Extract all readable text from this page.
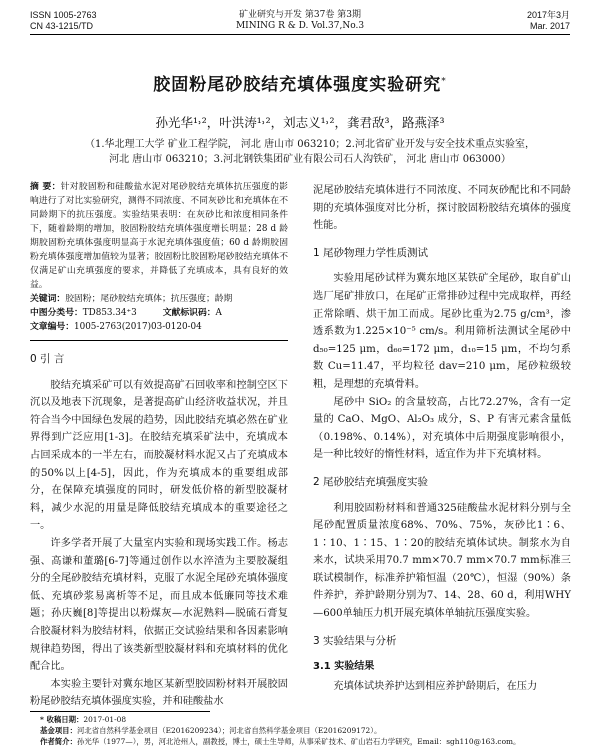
ISSN 1005-2763
CN 43-1215/TD
矿业研究与开发 第37卷 第3期
MINING R & D. Vol.37,No.3
2017年3月
Mar. 2017
胶固粉尾砂胶结充填体强度实验研究*
孙光华¹˒²，叶洪涛¹˒²，刘志义¹˒²，龚君敌³，路燕泽³
（1.华北理工大学 矿业工程学院， 河北 唐山市 063210；2.河北省矿业开发与安全技术重点实验室，
河北 唐山市 063210；3.河北钢铁集团矿业有限公司石人沟铁矿， 河北 唐山市 063000）
摘 要：针对胶固粉和硅酸盐水泥对尾砂胶结充填体抗压强度的影响进行了对比实验研究，测得不同浓度、不同灰砂比和充填体在不同龄期下的抗压强度。实验结果表明：在灰砂比和浓度相同条件下，随着龄期的增加，胶固粉胶结充填体强度增长明显；28 d 龄期胶固粉充填体强度明显高于水泥充填体强度值；60 d 龄期胶固粉充填体强度增加值较为显著；胶固粉比胶固粉尾砂胶结充填体不仅满足矿山充填强度的要求，并降低了充填成本，具有良好的效益。
关键词：胶固粉；尾砂胶结充填体；抗压强度；龄期
中图分类号：TD853.34⁺3	文献标识码：A
文章编号：1005-2763(2017)03-0120-04
0 引 言

胶结充填采矿可以有效提高矿石回收率和控制空区下沉以及地表下沉现象，是著提高矿山经济收益状况，并且符合当今中国绿色发展的趋势，因此胶结充填必然在矿业界得到广泛应用[1-3]。在胶结充填采矿法中，充填成本占回采成本的一半左右，而胶凝材料水泥又占了充填成本的50%以上[4-5]，因此，作为充填成本的重要组成部分，在保障充填强度的同时，研发低价格的新型胶凝材料，减少水泥的用量是降低胶结充填成本的重要途径之一。

许多学者开展了大量室内实验和现场实践工作。杨志强、高谦和董璐[6-7]等通过创作以水淬渣为主要胶凝组分的全尾砂胶结充填材料，克服了水泥全尾砂充填体强度低、充填砂浆易离析等不足，而且成本低廉同等技术难题；孙庆巍[8]等提出以粉煤灰—水泥熟料—脱硫石膏复合胶凝材料为胶结材料，依据正交试验结果和各因素影响规律趋势图，得出了该类新型胶凝材料和充填材料的优化配合比。

本实验主要针对冀东地区某新型胶固粉材料开展胶固粉尾砂胶结充填体强度实验，并和硅酸盐水

泥尾砂胶结充填体进行不同浓度、不同灰砂配比和不同龄期的充填体强度对比分析，探讨胶固粉胶结充填体的强度性能。

1 尾砂物理力学性质测试

实验用尾砂试样为冀东地区某铁矿全尾砂，取自矿山选厂尾矿排放口，在尾矿正常排砂过程中完成取样，再经正常除晒、烘干加工而成。尾砂比重为2.75 g/cm³，渗透系数为1.225×10⁻⁵ cm/s。利用筛析法测试全尾砂中 d₅₀=125 μm，d₆₀=172 μm，d₁₀=15 μm，不均匀系数 Cu=11.47，平均粒径 dav=210 μm，尾砂粒级较粗，是理想的充填骨料。

尾砂中 SiO₂ 的含量较高，占比72.27%，含有一定量的 CaO、MgO、Al₂O₃ 成分，S、P 有害元素含量低（0.198%、0.14%），对充填体中后期强度影响很小，是一种比较好的惰性材料，适宜作为井下充填材料。

2 尾砂胶结充填强度实验

利用胶固粉材料和普通325硅酸盐水泥材料分别与全尾砂配置质量浓度68%、70%、75%，灰砂比1∶6、1∶10、1∶15、1∶20的胶结充填体试块。制浆水为自来水，试块采用70.7 mm×70.7 mm×70.7 mm标准三联试模制作，标准养护箱恒温（20℃），恒湿（90%）条件养护，养护龄期分别为7、14、28、60 d，利用WHY—600单轴压力机开展充填体单轴抗压强度实验。

3 实验结果与分析
3.1 实验结果

充填体试块养护达到相应养护龄期后，在压力

* 收稿日期：2017-01-08
基金项目：河北省自然科学基金项目（E2016209234）；河北省自然科学基金项目（E2016209172）。
作者简介：孙光华（1977—），男，河北沧州人，副教授，博士，硕士生导师，从事采矿技术、矿山岩石力学研究，Email：sgh110@163.com。
